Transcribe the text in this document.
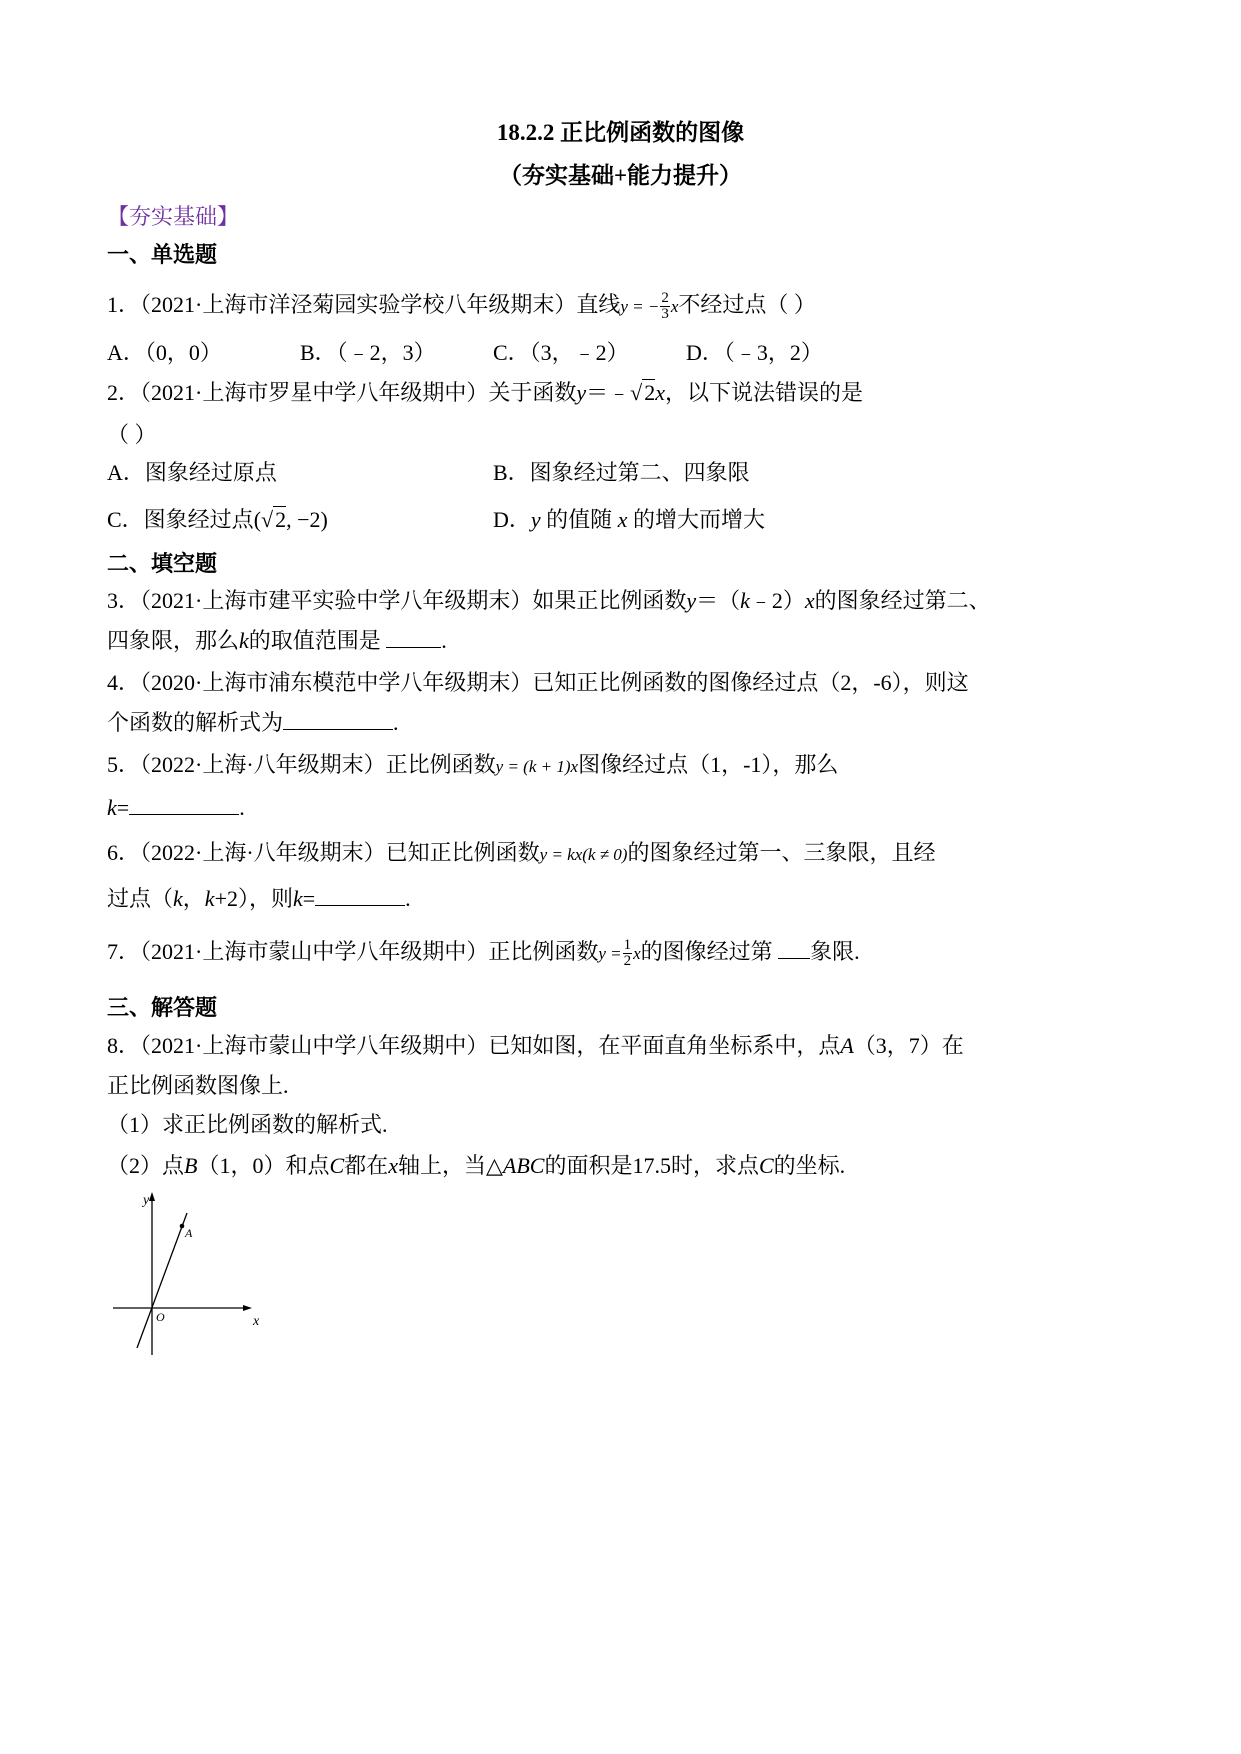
18.2.2 正比例函数的图像
（夯实基础+能力提升）
【夯实基础】
一、单选题
1．（2021·上海市洋泾菊园实验学校八年级期末）直线y = − $\frac{2}{3}$ x不经过点（ ）
A．（0，0）	B．（﹣2，3）	C．（3，﹣2）	D．（﹣3，2）
2．（2021·上海市罗星中学八年级期中）关于函数y＝﹣√2x，以下说法错误的是
（ ）
A．图象经过原点	B．图象经过第二、四象限
C．图象经过点(√2, −2)	D．y 的值随 x 的增大而增大
二、填空题
3．（2021·上海市建平实验中学八年级期末）如果正比例函数y＝（k﹣2）x的图象经过第二、
四象限，那么k的取值范围是	.
4．（2020·上海市浦东模范中学八年级期末）已知正比例函数的图像经过点（2，-6），则这
个函数的解析式为	.
5．（2022·上海·八年级期末）正比例函数y = (k + 1)x图像经过点（1，-1），那么
k=	.
6．（2022·上海·八年级期末）已知正比例函数y = kx(k ≠ 0)的图象经过第一、三象限，且经
过点（k，k+2），则k=	.
7．（2021·上海市蒙山中学八年级期中）正比例函数$y = \frac{1}{2}$ x的图像经过第 象限.
三、解答题
8．（2021·上海市蒙山中学八年级期中）已知如图，在平面直角坐标系中，点A（3，7）在
正比例函数图像上.
（1）求正比例函数的解析式.
（2）点B（1，0）和点C都在x轴上，当△ABC的面积是17.5时，求点C的坐标.
A
y
x
O
